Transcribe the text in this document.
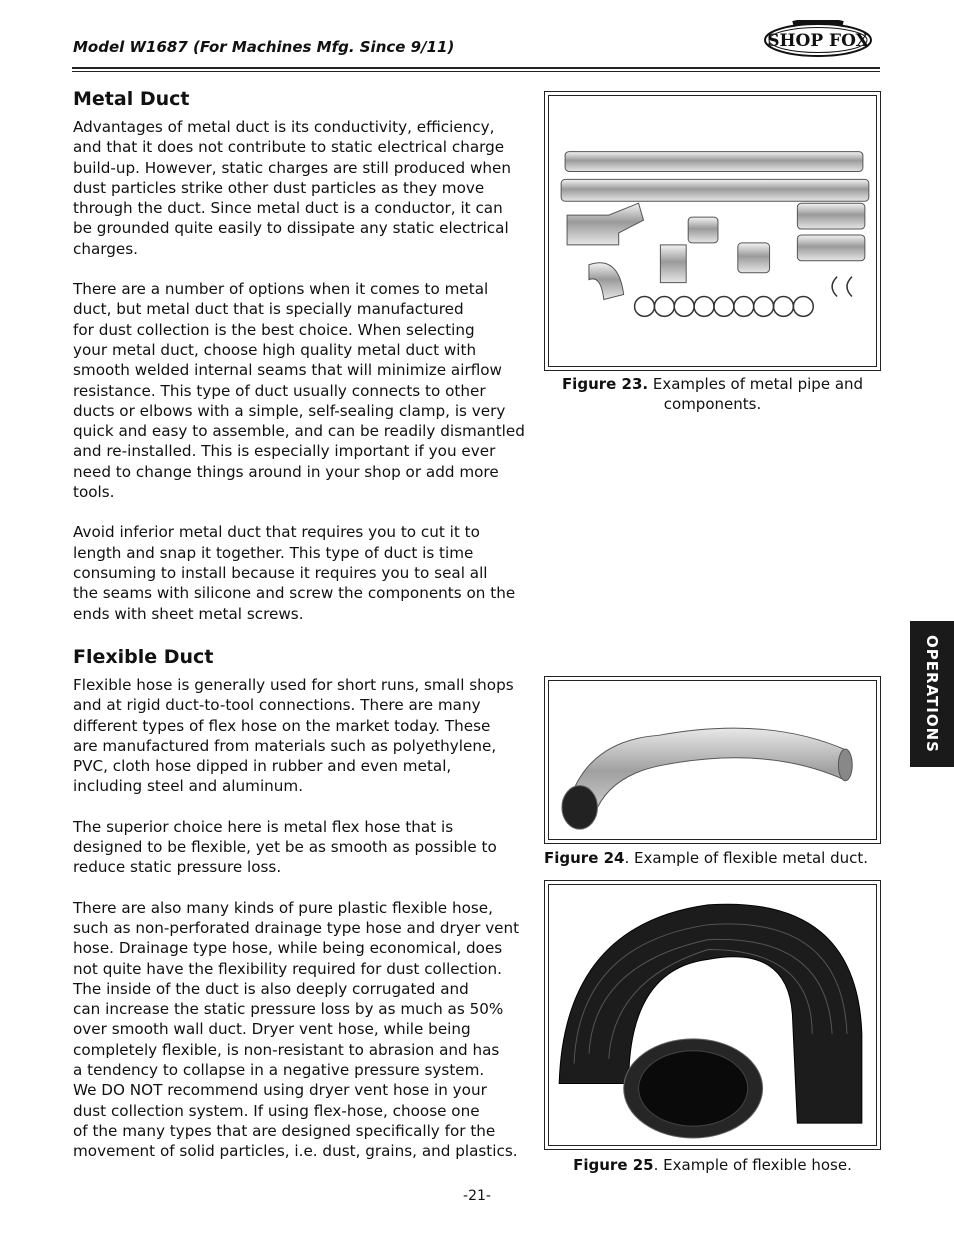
Model W1687 (For Machines Mfg. Since 9/11)	SHOP FOX
Metal Duct

Advantages of metal duct is its conductivity, efficiency,
and that it does not contribute to static electrical charge
build-up. However, static charges are still produced when
dust particles strike other dust particles as they move
through the duct. Since metal duct is a conductor, it can
be grounded quite easily to dissipate any static electrical
charges.

There are a number of options when it comes to metal
duct, but metal duct that is specially manufactured
for dust collection is the best choice. When selecting
your metal duct, choose high quality metal duct with
smooth welded internal seams that will minimize airflow
resistance. This type of duct usually connects to other
ducts or elbows with a simple, self-sealing clamp, is very
quick and easy to assemble, and can be readily dismantled
and re-installed. This is especially important if you ever
need to change things around in your shop or add more
tools.

Avoid inferior metal duct that requires you to cut it to
length and snap it together. This type of duct is time
consuming to install because it requires you to seal all
the seams with silicone and screw the components on the
ends with sheet metal screws.

Flexible Duct

Flexible hose is generally used for short runs, small shops
and at rigid duct-to-tool connections. There are many
different types of flex hose on the market today. These
are manufactured from materials such as polyethylene,
PVC, cloth hose dipped in rubber and even metal,
including steel and aluminum.

The superior choice here is metal flex hose that is
designed to be flexible, yet be as smooth as possible to
reduce static pressure loss.

There are also many kinds of pure plastic flexible hose,
such as non-perforated drainage type hose and dryer vent
hose. Drainage type hose, while being economical, does
not quite have the flexibility required for dust collection.
The inside of the duct is also deeply corrugated and
can increase the static pressure loss by as much as 50%
over smooth wall duct. Dryer vent hose, while being
completely flexible, is non-resistant to abrasion and has
a tendency to collapse in a negative pressure system.
We DO NOT recommend using dryer vent hose in your
dust collection system. If using flex-hose, choose one
of the many types that are designed specifically for the
movement of solid particles, i.e. dust, grains, and plastics.

Figure 23. Examples of metal pipe and
components.
Figure 24. Example of flexible metal duct.
Figure 25. Example of flexible hose.
OPERATIONS
-21-
